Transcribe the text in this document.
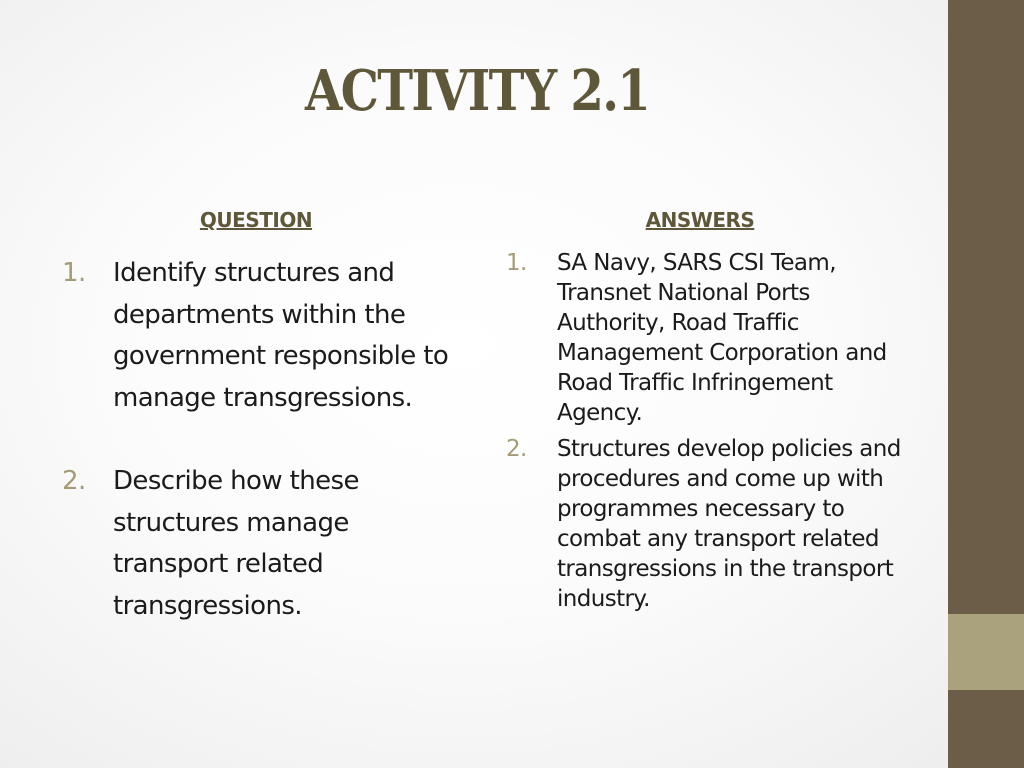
ACTIVITY 2.1
QUESTION	ANSWERS
1. Identify structures and departments within the government responsible to manage transgressions.
2. Describe how these structures manage transport related transgressions.
1. SA Navy, SARS CSI Team, Transnet National Ports Authority, Road Traffic Management Corporation and Road Traffic Infringement Agency.
2. Structures develop policies and procedures and come up with programmes necessary to combat any transport related transgressions in the transport industry.
